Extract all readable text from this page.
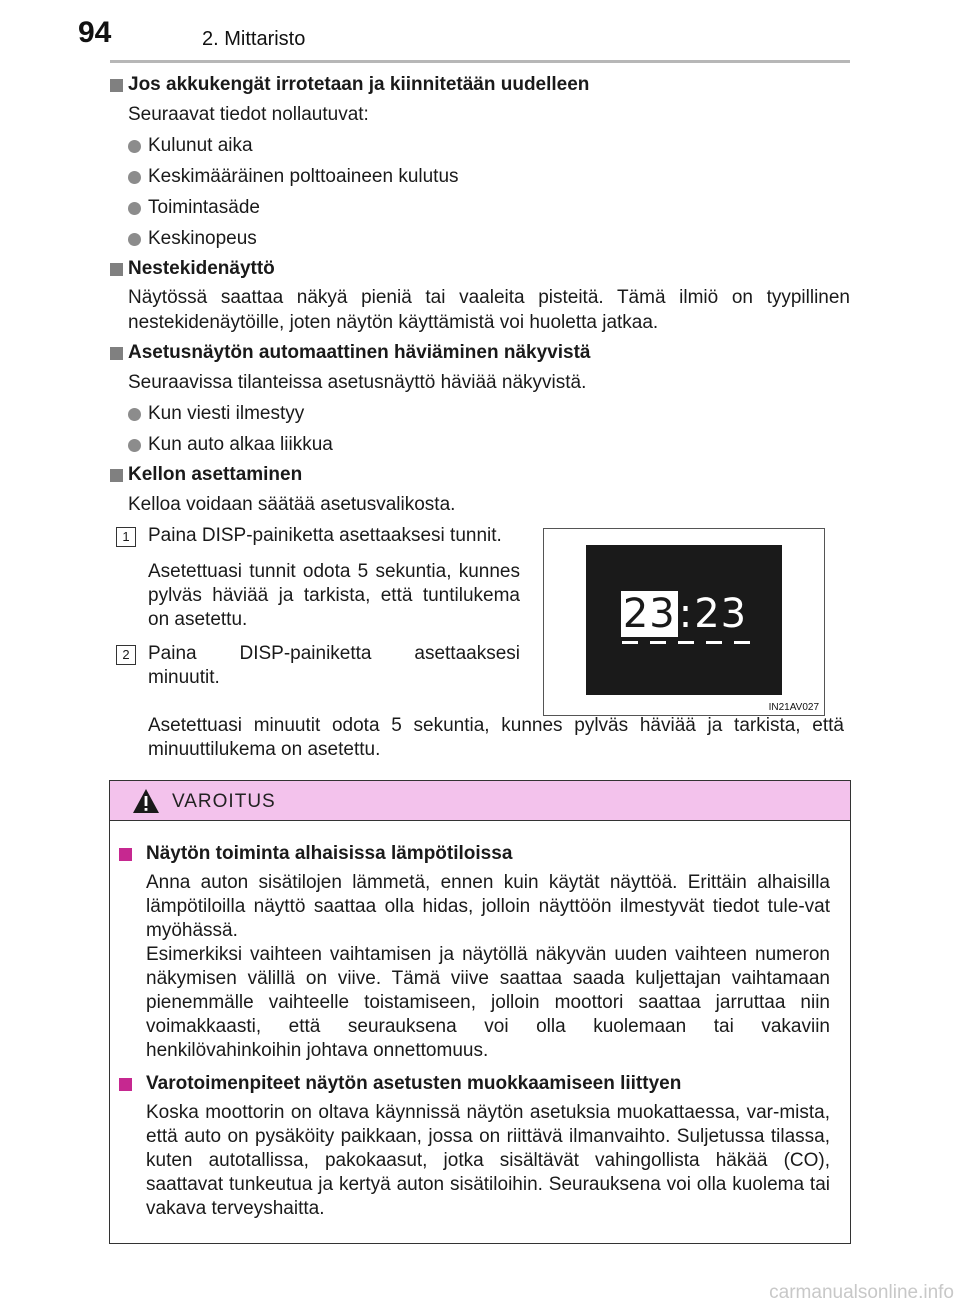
94	2. Mittaristo
Jos akkukengät irrotetaan ja kiinnitetään uudelleen
Seuraavat tiedot nollautuvat:
Kulunut aika
Keskimääräinen polttoaineen kulutus
Toimintasäde
Keskinopeus
Nestekidenäyttö
Näytössä saattaa näkyä pieniä tai vaaleita pisteitä. Tämä ilmiö on tyypillinen nestekidenäytöille, joten näytön käyttämistä voi huoletta jatkaa.
Asetusnäytön automaattinen häviäminen näkyvistä
Seuraavissa tilanteissa asetusnäyttö häviää näkyvistä.
Kun viesti ilmestyy
Kun auto alkaa liikkua
Kellon asettaminen
Kelloa voidaan säätää asetusvalikosta.
1 Paina DISP-painiketta asettaaksesi tunnit.
Asetettuasi tunnit odota 5 sekuntia, kunnes pylväs häviää ja tarkista, että tuntilukema on asetettu.
2 Paina DISP-painiketta asettaaksesi minuutit.
23:23
IN21AV027
Asetettuasi minuutit odota 5 sekuntia, kunnes pylväs häviää ja tarkista, että minuuttilukema on asetettu.
VAROITUS
Näytön toiminta alhaisissa lämpötiloissa
Anna auton sisätilojen lämmetä, ennen kuin käytät näyttöä. Erittäin alhaisilla lämpötiloilla näyttö saattaa olla hidas, jolloin näyttöön ilmestyvät tiedot tule-vat myöhässä.
Esimerkiksi vaihteen vaihtamisen ja näytöllä näkyvän uuden vaihteen numeron näkymisen välillä on viive. Tämä viive saattaa saada kuljettajan vaihtamaan pienemmälle vaihteelle toistamiseen, jolloin moottori saattaa jarruttaa niin voimakkaasti, että seurauksena voi olla kuolemaan tai vakaviin henkilövahinkoihin johtava onnettomuus.
Varotoimenpiteet näytön asetusten muokkaamiseen liittyen
Koska moottorin on oltava käynnissä näytön asetuksia muokattaessa, var-mista, että auto on pysäköity paikkaan, jossa on riittävä ilmanvaihto. Suljetussa tilassa, kuten autotallissa, pakokaasut, jotka sisältävät vahingollista häkää (CO), saattavat tunkeutua ja kertyä auton sisätiloihin. Seurauksena voi olla kuolema tai vakava terveyshaitta.
carmanualsonline.info
